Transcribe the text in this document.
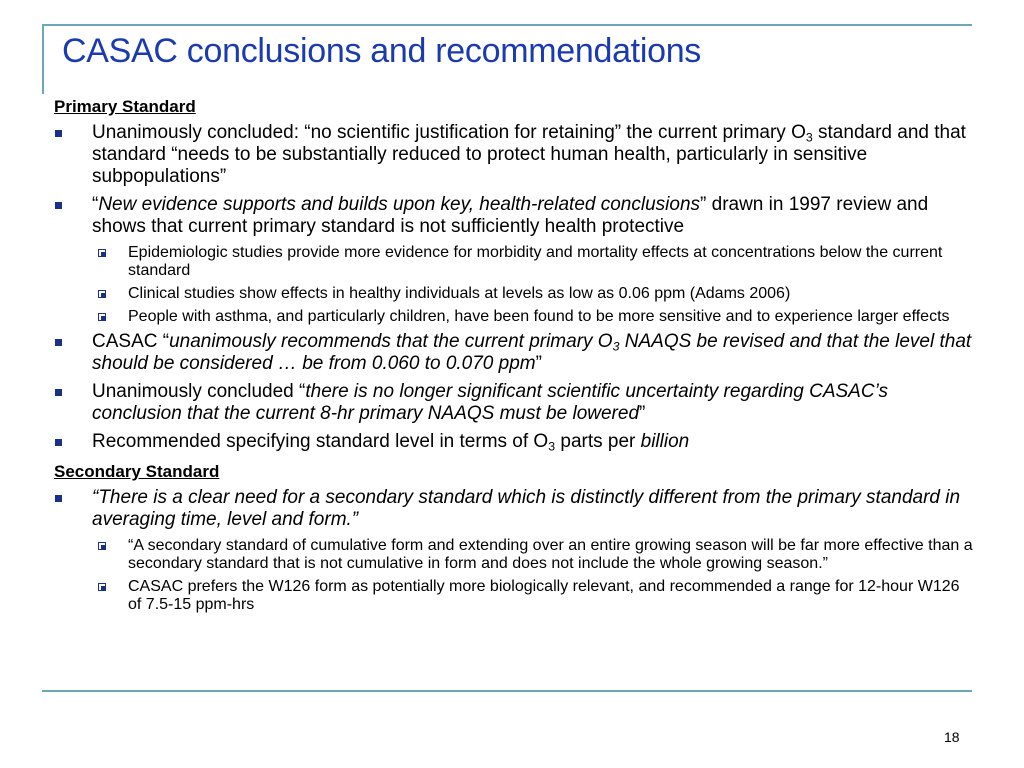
CASAC conclusions and recommendations
Primary Standard
Unanimously concluded: “no scientific justification for retaining” the current primary $O_3$ standard and that standard “needs to be substantially reduced to protect human health, particularly in sensitive subpopulations”
“New evidence supports and builds upon key, health-related conclusions” drawn in 1997 review and shows that current primary standard is not sufficiently health protective
Epidemiologic studies provide more evidence for morbidity and mortality effects at concentrations below the current standard
Clinical studies show effects in healthy individuals at levels as low as 0.06 ppm (Adams 2006)
People with asthma, and particularly children, have been found to be more sensitive and to experience larger effects
CASAC “unanimously recommends that the current primary $O_3$ NAAQS be revised and that the level that should be considered … be from 0.060 to 0.070 ppm”
Unanimously concluded “there is no longer significant scientific uncertainty regarding CASAC’s conclusion that the current 8-hr primary NAAQS must be lowered”
Recommended specifying standard level in terms of $O_3$ parts per billion
Secondary Standard
“There is a clear need for a secondary standard which is distinctly different from the primary standard in averaging time, level and form.”
“A secondary standard of cumulative form and extending over an entire growing season will be far more effective than a secondary standard that is not cumulative in form and does not include the whole growing season.”
CASAC prefers the W126 form as potentially more biologically relevant, and recommended a range for 12-hour W126 of 7.5-15 ppm-hrs
18
